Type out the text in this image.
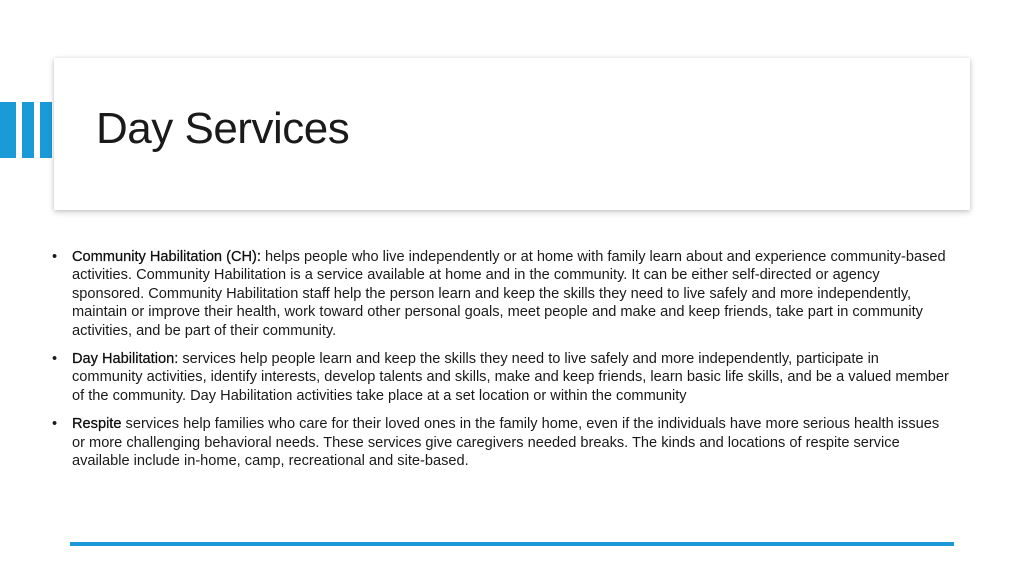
Day Services
•	Community Habilitation (CH): helps people who live independently or at home with family learn about and experience community-based activities. Community Habilitation is a service available at home and in the community. It can be either self-directed or agency sponsored. Community Habilitation staff help the person learn and keep the skills they need to live safely and more independently, maintain or improve their health, work toward other personal goals, meet people and make and keep friends, take part in community activities, and be part of their community.
•	Day Habilitation: services help people learn and keep the skills they need to live safely and more independently, participate in community activities, identify interests, develop talents and skills, make and keep friends, learn basic life skills, and be a valued member of the community. Day Habilitation activities take place at a set location or within the community
•	Respite services help families who care for their loved ones in the family home, even if the individuals have more serious health issues or more challenging behavioral needs. These services give caregivers needed breaks. The kinds and locations of respite service available include in-home, camp, recreational and site-based.
